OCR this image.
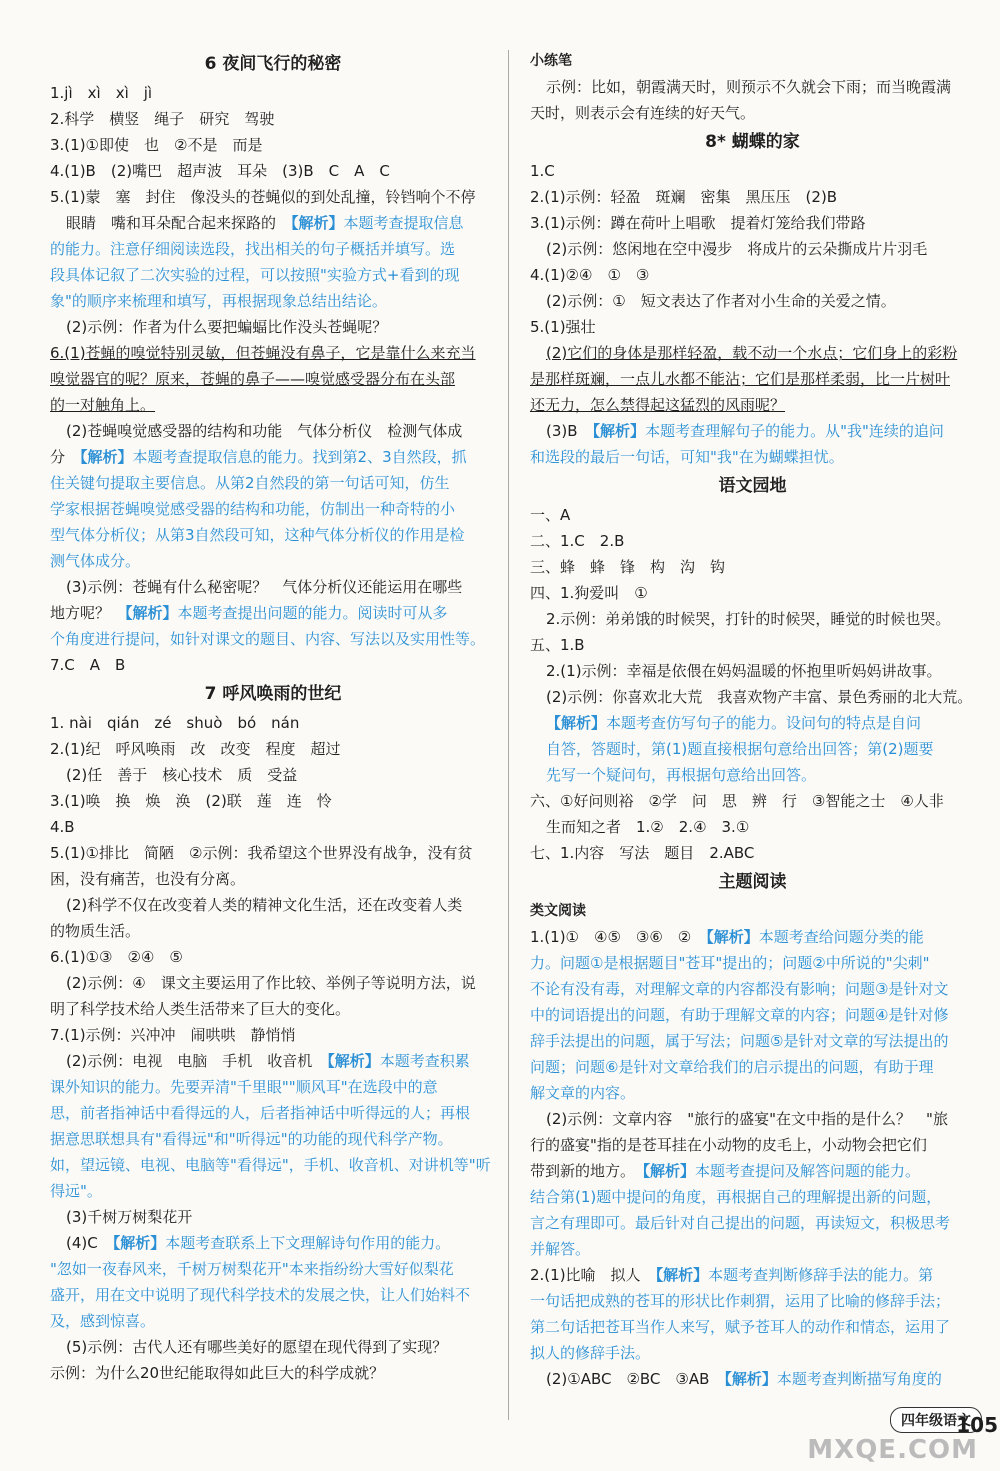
6 夜间飞行的秘密
1.jì　xì　xì　jì
2.科学　横竖　绳子　研究　驾驶
3.(1)①即使　也　②不是　而是
4.(1)B　(2)嘴巴　超声波　耳朵　(3)B　C　A　C
5.(1)蒙　塞　封住　像没头的苍蝇似的到处乱撞，铃铛响个不停
眼睛　嘴和耳朵配合起来探路的　【解析】本题考查提取信息
的能力。注意仔细阅读选段，找出相关的句子概括并填写。选
段具体记叙了二次实验的过程，可以按照"实验方式+看到的现
象"的顺序来梳理和填写，再根据现象总结出结论。
(2)示例：作者为什么要把蝙蝠比作没头苍蝇呢？
6.(1)苍蝇的嗅觉特别灵敏，但苍蝇没有鼻子，它是靠什么来充当
嗅觉器官的呢？原来，苍蝇的鼻子——嗅觉感受器分布在头部
的一对触角上。
(2)苍蝇嗅觉感受器的结构和功能　气体分析仪　检测气体成
分　【解析】本题考查提取信息的能力。找到第2、3自然段，抓
住关键句提取主要信息。从第2自然段的第一句话可知，仿生
学家根据苍蝇嗅觉感受器的结构和功能，仿制出一种奇特的小
型气体分析仪；从第3自然段可知，这种气体分析仪的作用是检
测气体成分。
(3)示例：苍蝇有什么秘密呢？　气体分析仪还能运用在哪些
地方呢？　【解析】本题考查提出问题的能力。阅读时可从多
个角度进行提问，如针对课文的题目、内容、写法以及实用性等。
7.C　A　B
7 呼风唤雨的世纪
1. nài　qián　zé　shuò　bó　nán
2.(1)纪　呼风唤雨　改　改变　程度　超过
(2)任　善于　核心技术　质　受益
3.(1)唤　换　焕　涣　(2)联　莲　连　怜
4.B
5.(1)①排比　简陋　②示例：我希望这个世界没有战争，没有贫
困，没有痛苦，也没有分离。
(2)科学不仅在改变着人类的精神文化生活，还在改变着人类
的物质生活。
6.(1)①③　②④　⑤
(2)示例：④　课文主要运用了作比较、举例子等说明方法，说
明了科学技术给人类生活带来了巨大的变化。
7.(1)示例：兴冲冲　闹哄哄　静悄悄
(2)示例：电视　电脑　手机　收音机　【解析】本题考查积累
课外知识的能力。先要弄清"千里眼""顺风耳"在选段中的意
思，前者指神话中看得远的人，后者指神话中听得远的人；再根
据意思联想具有"看得远"和"听得远"的功能的现代科学产物。
如，望远镜、电视、电脑等"看得远"，手机、收音机、对讲机等"听
得远"。
(3)千树万树梨花开
(4)C　【解析】本题考查联系上下文理解诗句作用的能力。
"忽如一夜春风来，千树万树梨花开"本来指纷纷大雪好似梨花
盛开，用在文中说明了现代科学技术的发展之快，让人们始料不
及，感到惊喜。
(5)示例：古代人还有哪些美好的愿望在现代得到了实现？
示例：为什么20世纪能取得如此巨大的科学成就？
小练笔
示例：比如，朝霞满天时，则预示不久就会下雨；而当晚霞满
天时，则表示会有连续的好天气。
8* 蝴蝶的家
1.C
2.(1)示例：轻盈　斑斓　密集　黑压压　(2)B
3.(1)示例：蹲在荷叶上唱歌　提着灯笼给我们带路
(2)示例：悠闲地在空中漫步　将成片的云朵撕成片片羽毛
4.(1)②④　①　③
(2)示例：①　短文表达了作者对小生命的关爱之情。
5.(1)强壮
(2)它们的身体是那样轻盈，载不动一个水点；它们身上的彩粉
是那样斑斓，一点儿水都不能沾；它们是那样柔弱，比一片树叶
还无力，怎么禁得起这猛烈的风雨呢？
(3)B　【解析】本题考查理解句子的能力。从"我"连续的追问
和选段的最后一句话，可知"我"在为蝴蝶担忧。
语文园地
一、A
二、1.C　2.B
三、蜂　蜂　锋　构　沟　钩
四、1.狗爱叫　①
2.示例：弟弟饿的时候哭，打针的时候哭，睡觉的时候也哭。
五、1.B
2.(1)示例：幸福是依偎在妈妈温暖的怀抱里听妈妈讲故事。
(2)示例：你喜欢北大荒　我喜欢物产丰富、景色秀丽的北大荒。
【解析】本题考查仿写句子的能力。设问句的特点是自问
自答，答题时，第(1)题直接根据句意给出回答；第(2)题要
先写一个疑问句，再根据句意给出回答。
六、①好问则裕　②学　问　思　辨　行　③智能之士　④人非
生而知之者　1.②　2.④　3.①
七、1.内容　写法　题目　2.ABC
主题阅读
类文阅读
1.(1)①　④⑤　③⑥　②　【解析】本题考查给问题分类的能
力。问题①是根据题目"苍耳"提出的；问题②中所说的"尖刺"
不论有没有毒，对理解文章的内容都没有影响；问题③是针对文
中的词语提出的问题，有助于理解文章的内容；问题④是针对修
辞手法提出的问题，属于写法；问题⑤是针对文章的写法提出的
问题；问题⑥是针对文章给我们的启示提出的问题，有助于理
解文章的内容。
(2)示例：文章内容　"旅行的盛宴"在文中指的是什么？　"旅
行的盛宴"指的是苍耳挂在小动物的皮毛上，小动物会把它们
带到新的地方。　【解析】本题考查提问及解答问题的能力。
结合第(1)题中提问的角度，再根据自己的理解提出新的问题，
言之有理即可。最后针对自己提出的问题，再读短文，积极思考
并解答。
2.(1)比喻　拟人　【解析】本题考查判断修辞手法的能力。第
一句话把成熟的苍耳的形状比作刺猬，运用了比喻的修辞手法；
第二句话把苍耳当作人来写，赋予苍耳人的动作和情态，运用了
拟人的修辞手法。
(2)①ABC　②BC　③AB　【解析】本题考查判断描写角度的
四年级语文
105
MXQE.COM
